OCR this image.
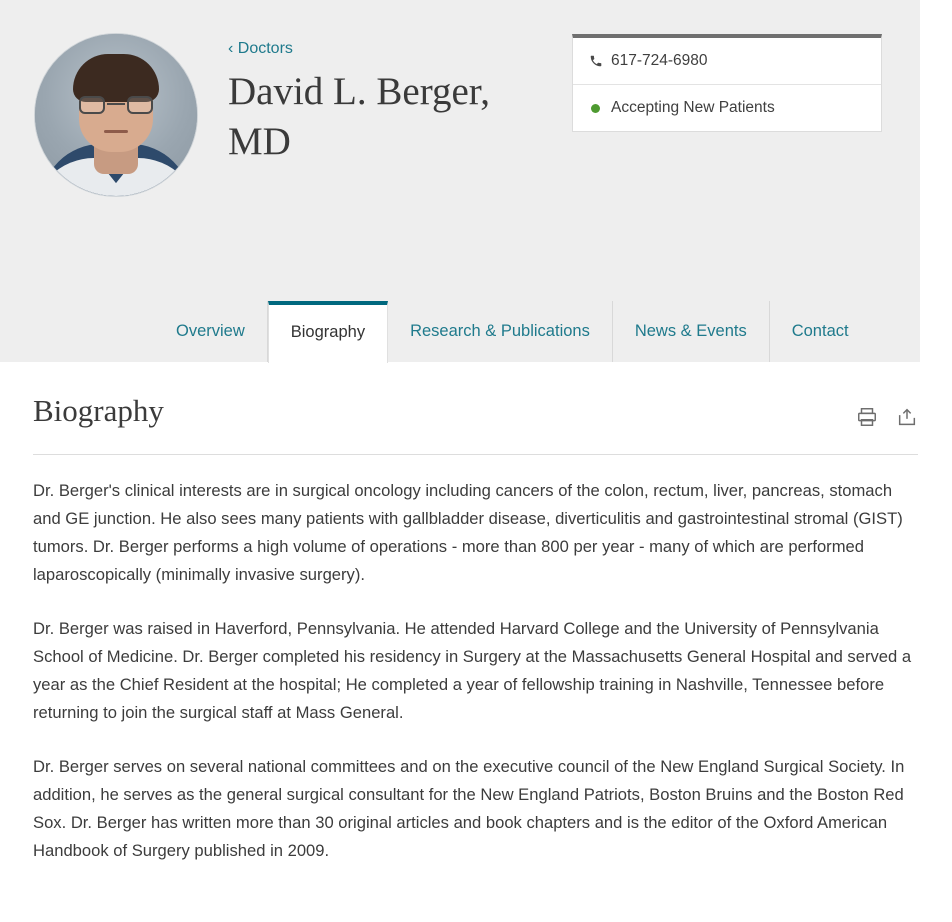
‹ Doctors
David L. Berger, MD
617-724-6980
Accepting New Patients
Overview	Biography	Research & Publications	News & Events	Contact
Biography

Dr. Berger's clinical interests are in surgical oncology including cancers of the colon, rectum, liver, pancreas, stomach and GE junction. He also sees many patients with gallbladder disease, diverticulitis and gastrointestinal stromal (GIST) tumors. Dr. Berger performs a high volume of operations - more than 800 per year - many of which are performed laparoscopically (minimally invasive surgery).

Dr. Berger was raised in Haverford, Pennsylvania. He attended Harvard College and the University of Pennsylvania School of Medicine. Dr. Berger completed his residency in Surgery at the Massachusetts General Hospital and served a year as the Chief Resident at the hospital; He completed a year of fellowship training in Nashville, Tennessee before returning to join the surgical staff at Mass General.

Dr. Berger serves on several national committees and on the executive council of the New England Surgical Society. In addition, he serves as the general surgical consultant for the New England Patriots, Boston Bruins and the Boston Red Sox. Dr. Berger has written more than 30 original articles and book chapters and is the editor of the Oxford American Handbook of Surgery published in 2009.
